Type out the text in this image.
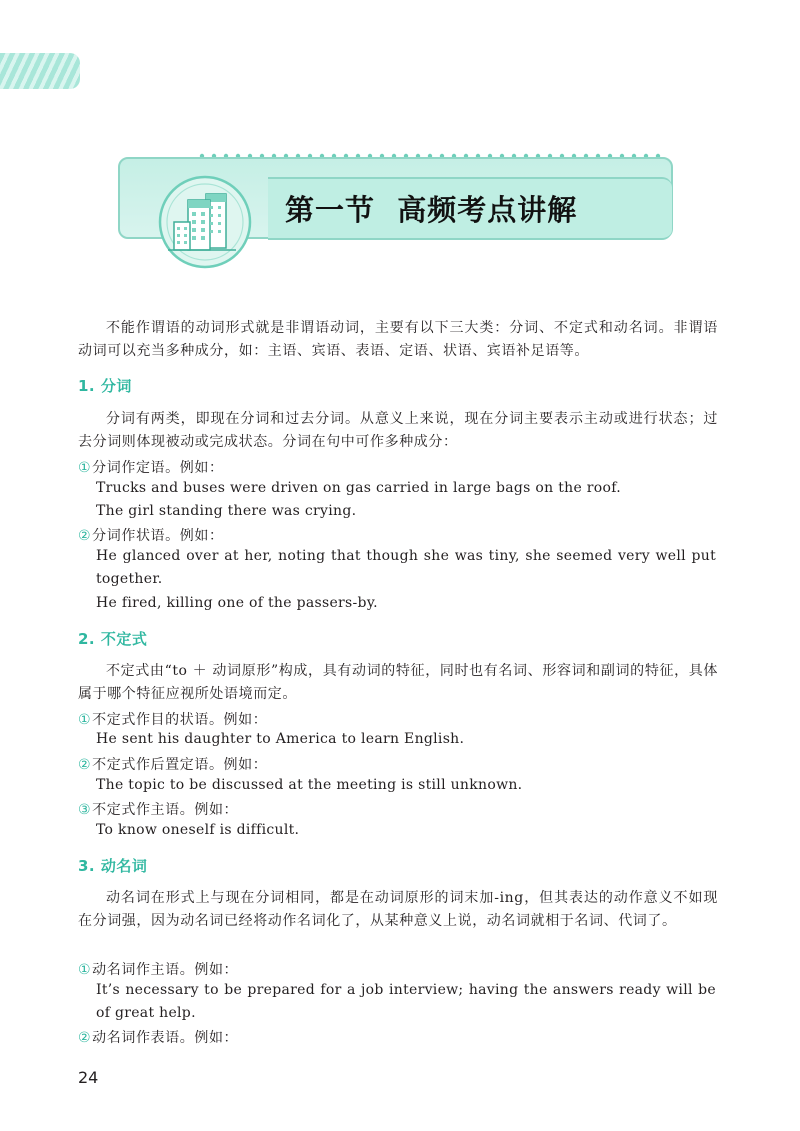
第一节  高频考点讲解
不能作谓语的动词形式就是非谓语动词，主要有以下三大类：分词、不定式和动名词。非谓语动词可以充当多种成分，如：主语、宾语、表语、定语、状语、宾语补足语等。
1. 分词
分词有两类，即现在分词和过去分词。从意义上来说，现在分词主要表示主动或进行状态；过去分词则体现被动或完成状态。分词在句中可作多种成分：
①分词作定语。例如：
Trucks and buses were driven on gas carried in large bags on the roof.
The girl standing there was crying.
②分词作状语。例如：
He glanced over at her, noting that though she was tiny, she seemed very well put together.
He fired, killing one of the passers-by.
2. 不定式
不定式由“to ＋ 动词原形”构成，具有动词的特征，同时也有名词、形容词和副词的特征，具体属于哪个特征应视所处语境而定。
①不定式作目的状语。例如：
He sent his daughter to America to learn English.
②不定式作后置定语。例如：
The topic to be discussed at the meeting is still unknown.
③不定式作主语。例如：
To know oneself is difficult.
3. 动名词
动名词在形式上与现在分词相同，都是在动词原形的词末加-ing，但其表达的动作意义不如现在分词强，因为动名词已经将动作名词化了，从某种意义上说，动名词就相于名词、代词了。
①动名词作主语。例如：
It’s necessary to be prepared for a job interview; having the answers ready will be of great help.
②动名词作表语。例如：
24
